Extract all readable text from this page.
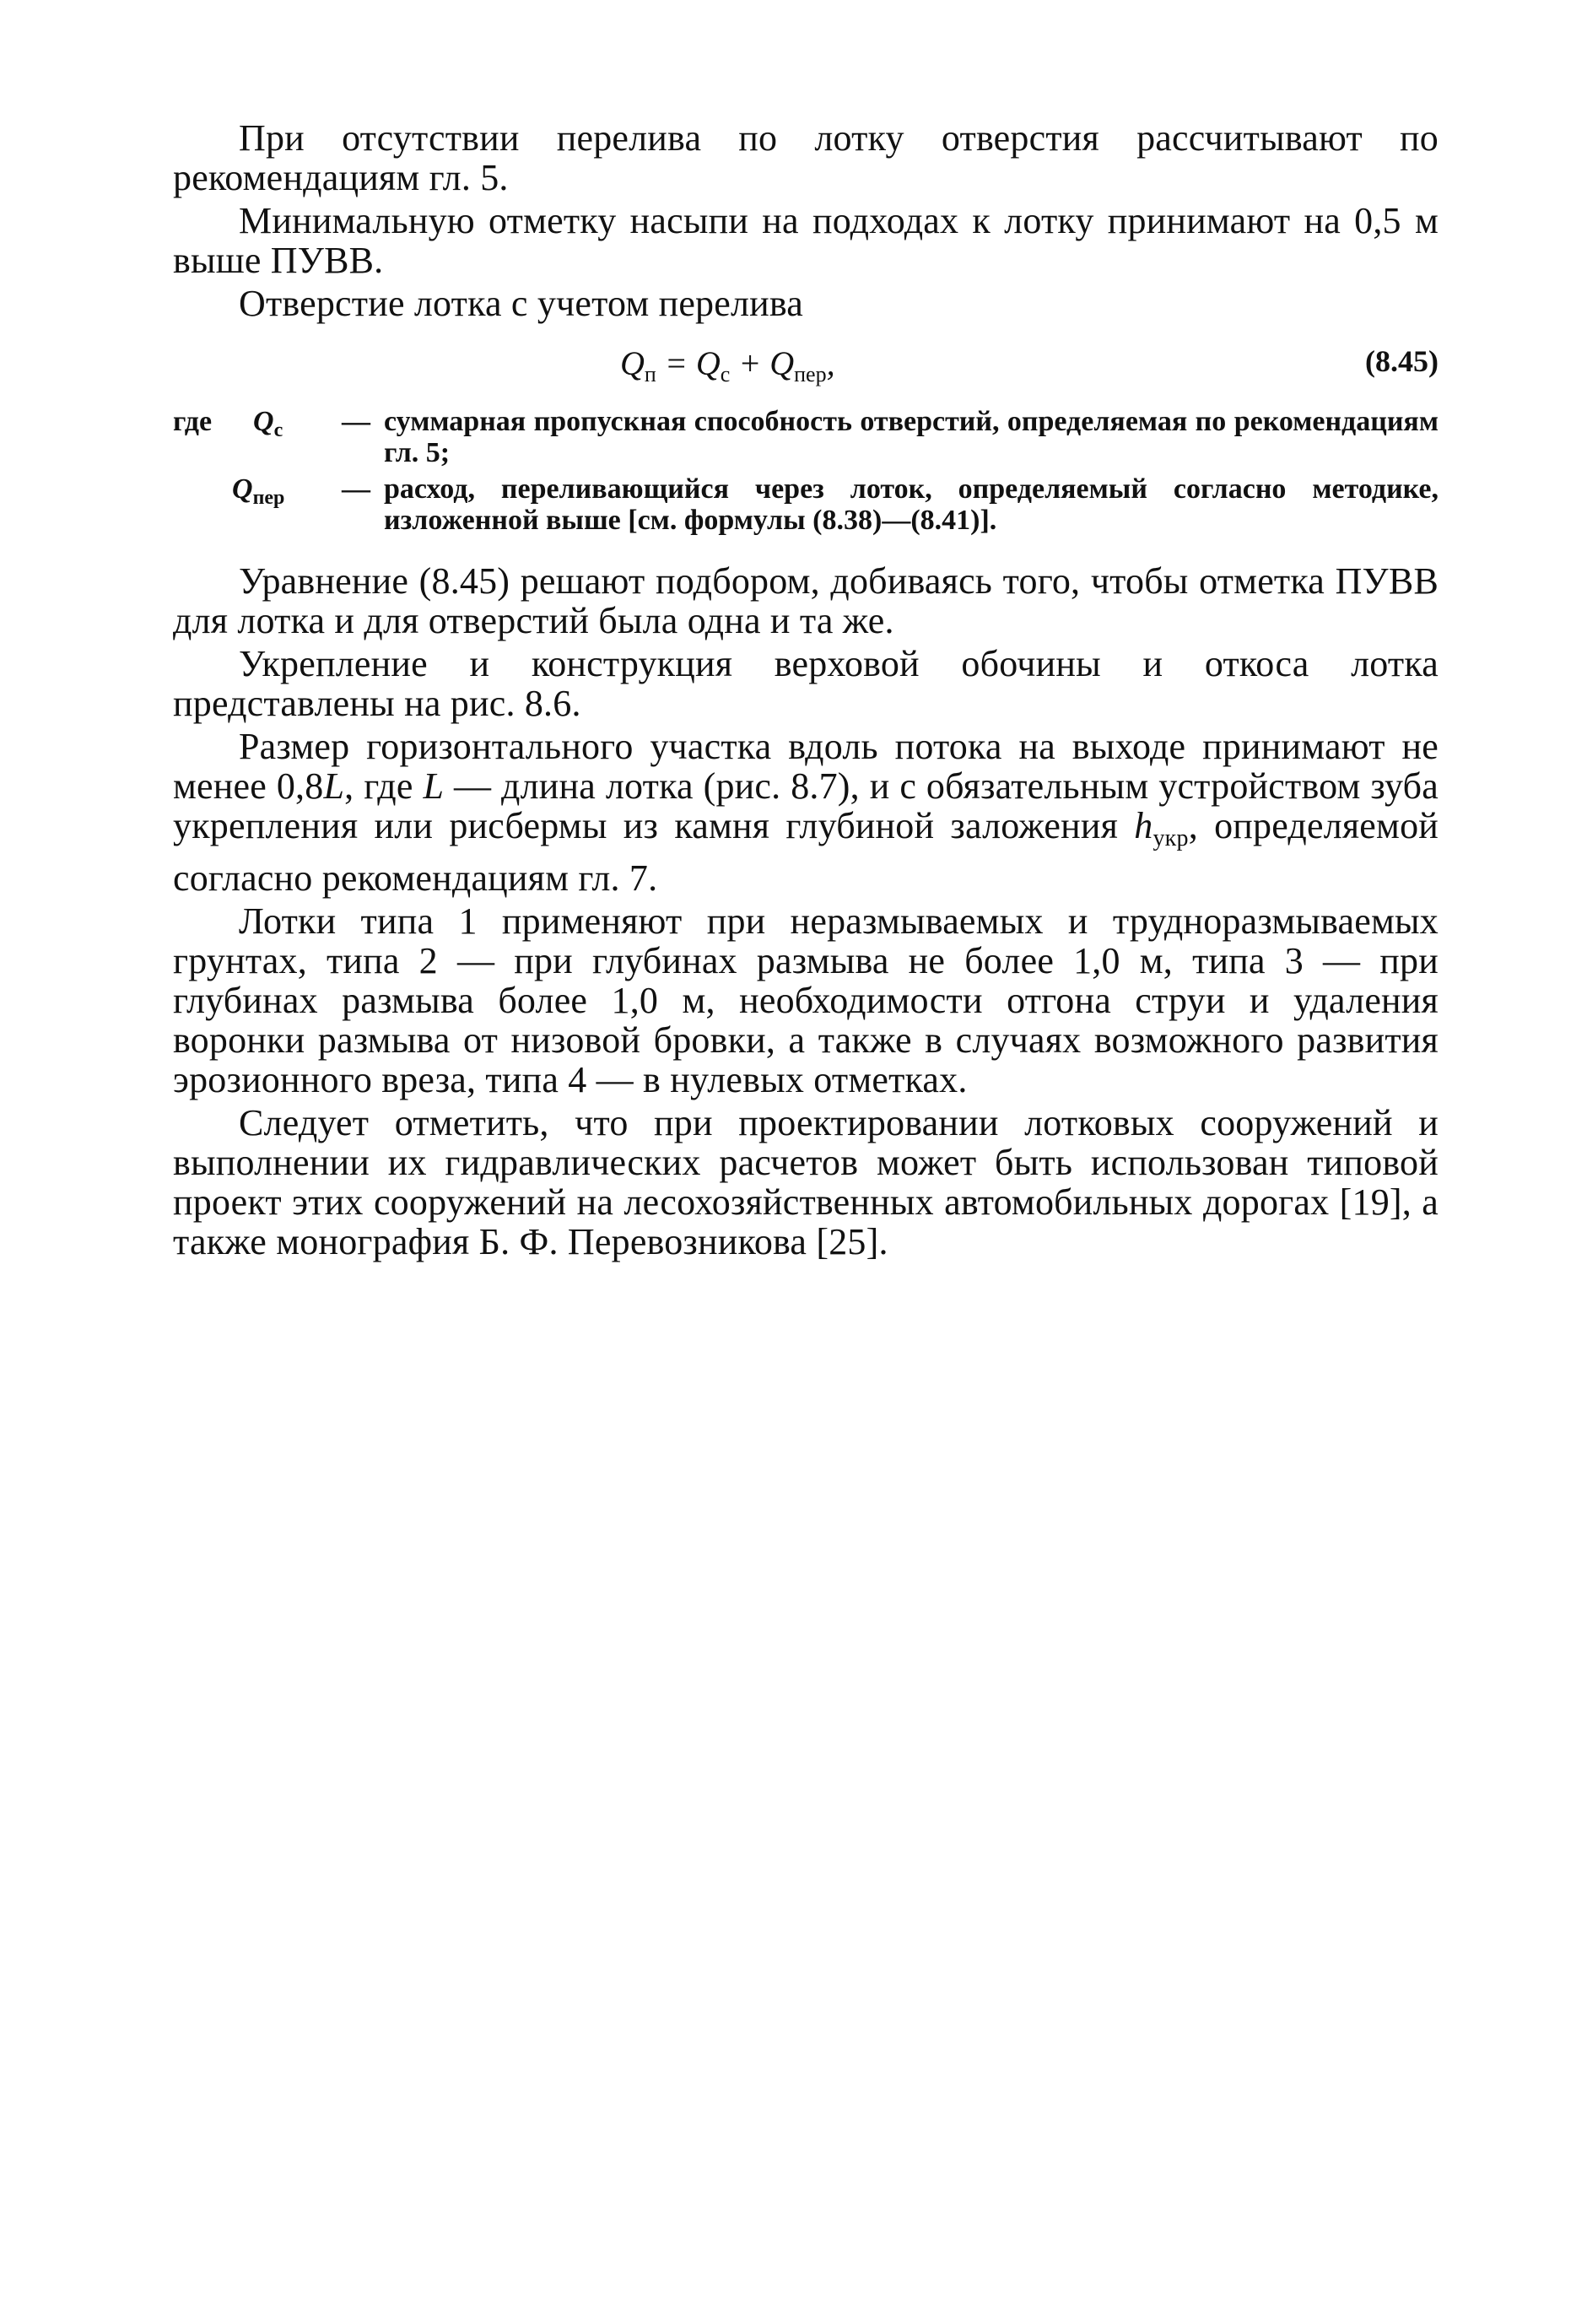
При отсутствии перелива по лотку отверстия рассчитывают по рекомендациям гл. 5.

Минимальную отметку насыпи на подходах к лотку принимают на 0,5 м выше ПУВВ.

Отверстие лотка с учетом перелива

$Q_п = Q_с + Q_{пер}$,	(8.45)
где $Q_с$	— суммарная пропускная способность отверстий, определяемая по рекомендациям гл. 5;
$Q_{пер}$	— расход, переливающийся через лоток, определяемый согласно методике, изложенной выше [см. формулы (8.38)—(8.41)].

Уравнение (8.45) решают подбором, добиваясь того, чтобы отметка ПУВВ для лотка и для отверстий была одна и та же.

Укрепление и конструкция верховой обочины и откоса лотка представлены на рис. 8.6.

Размер горизонтального участка вдоль потока на выходе принимают не менее 0,8L, где L — длина лотка (рис. 8.7), и с обязательным устройством зуба укрепления или рисбермы из камня глубиной заложения $h_{укр}$, определяемой согласно рекомендациям гл. 7.

Лотки типа 1 применяют при неразмываемых и трудноразмываемых грунтах, типа 2 — при глубинах размыва не более 1,0 м, типа 3 — при глубинах размыва более 1,0 м, необходимости отгона струи и удаления воронки размыва от низовой бровки, а также в случаях возможного развития эрозионного вреза, типа 4 — в нулевых отметках.

Следует отметить, что при проектировании лотковых сооружений и выполнении их гидравлических расчетов может быть использован типовой проект этих сооружений на лесохозяйственных автомобильных дорогах [19], а также монография Б. Ф. Перевозникова [25].
